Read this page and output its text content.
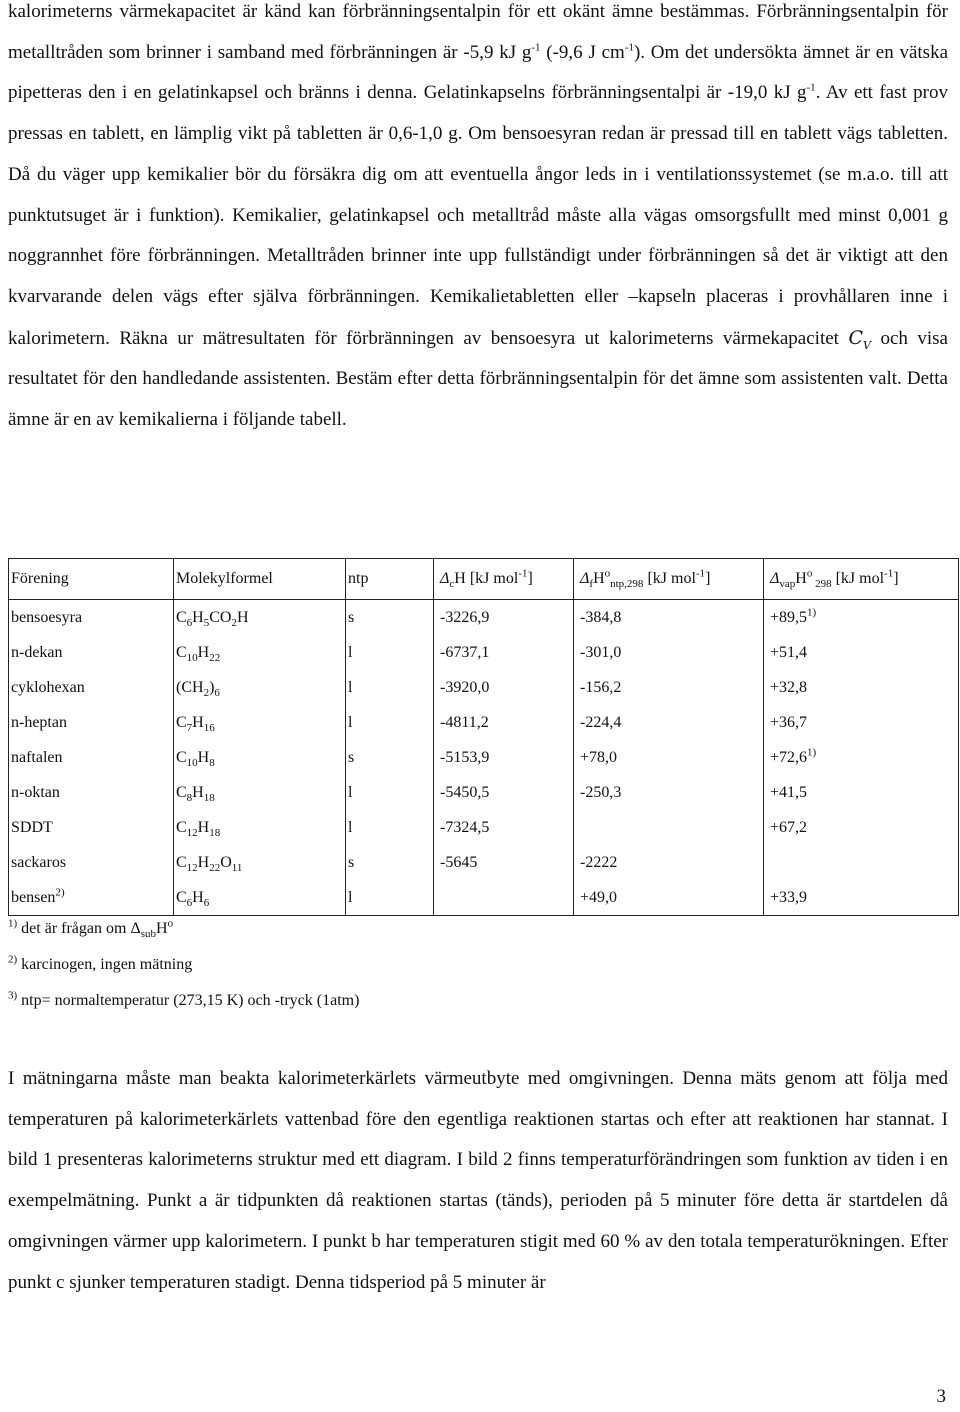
kalorimeterns värmekapacitet är känd kan förbränningsentalpin för ett okänt ämne bestämmas. Förbränningsentalpin för metalltråden som brinner i samband med förbränningen är -5,9 kJ $g^{-1}$ (-9,6 J $cm^{-1}$). Om det undersökta ämnet är en vätska pipetteras den i en gelatinkapsel och bränns i denna. Gelatinkapselns förbränningsentalpi är -19,0 kJ $g^{-1}$. Av ett fast prov pressas en tablett, en lämplig vikt på tabletten är 0,6-1,0 g. Om bensoesyran redan är pressad till en tablett vägs tabletten. Då du väger upp kemikalier bör du försäkra dig om att eventuella ångor leds in i ventilationssystemet (se m.a.o. till att punktutsuget är i funktion). Kemikalier, gelatinkapsel och metalltråd måste alla vägas omsorgsfullt med minst 0,001 g noggrannhet före förbränningen. Metalltråden brinner inte upp fullständigt under förbränningen så det är viktigt att den kvarvarande delen vägs efter själva förbränningen. Kemikalietabletten eller –kapseln placeras i provhållaren inne i kalorimetern. Räkna ur mätresultaten för förbränningen av bensoesyra ut kalorimeterns värmekapacitet $C_V$ och visa resultatet för den handledande assistenten. Bestäm efter detta förbränningsentalpin för det ämne som assistenten valt. Detta ämne är en av kemikalierna i följande tabell.

Förening	Molekylformel	ntp	$\Delta_cH$ [kJ mol$^{-1}$]	$\Delta_fH^o_{ntp,298}$ [kJ mol$^{-1}$]	$\Delta_{vap}H^o$ $_{298}$ [kJ mol$^{-1}$]
bensoesyra	$C_6H_5CO_2H$	s	-3226,9	-384,8	$+89,5^{1)}$
n-dekan	$C_{10}H_{22}$	l	-6737,1	-301,0	+51,4
cyklohexan	$(CH_2)_6$	l	-3920,0	-156,2	+32,8
n-heptan	$C_7H_{16}$	l	-4811,2	-224,4	+36,7
naftalen	$C_{10}H_8$	s	-5153,9	+78,0	$+72,6^{1)}$
n-oktan	$C_8H_{18}$	l	-5450,5	-250,3	+41,5
SDDT	$C_{12}H_{18}$	l	-7324,5		+67,2
sackaros	$C_{12}H_{22}O_{11}$	s	-5645	-2222	
bensen$^{2)}$	$C_6H_6$	l		+49,0	+33,9
$^{1)}$ det är frågan om $\Delta_{sub}H^o$
$^{2)}$ karcinogen, ingen mätning
$^{3)}$ ntp= normaltemperatur (273,15 K) och -tryck (1atm)

I mätningarna måste man beakta kalorimeterkärlets värmeutbyte med omgivningen. Denna mäts genom att följa med temperaturen på kalorimeterkärlets vattenbad före den egentliga reaktionen startas och efter att reaktionen har stannat. I bild 1 presenteras kalorimeterns struktur med ett diagram. I bild 2 finns temperaturförändringen som funktion av tiden i en exempelmätning. Punkt a är tidpunkten då reaktionen startas (tänds), perioden på 5 minuter före detta är startdelen då omgivningen värmer upp kalorimetern. I punkt b har temperaturen stigit med 60 % av den totala temperaturökningen. Efter punkt c sjunker temperaturen stadigt. Denna tidsperiod på 5 minuter är

3
